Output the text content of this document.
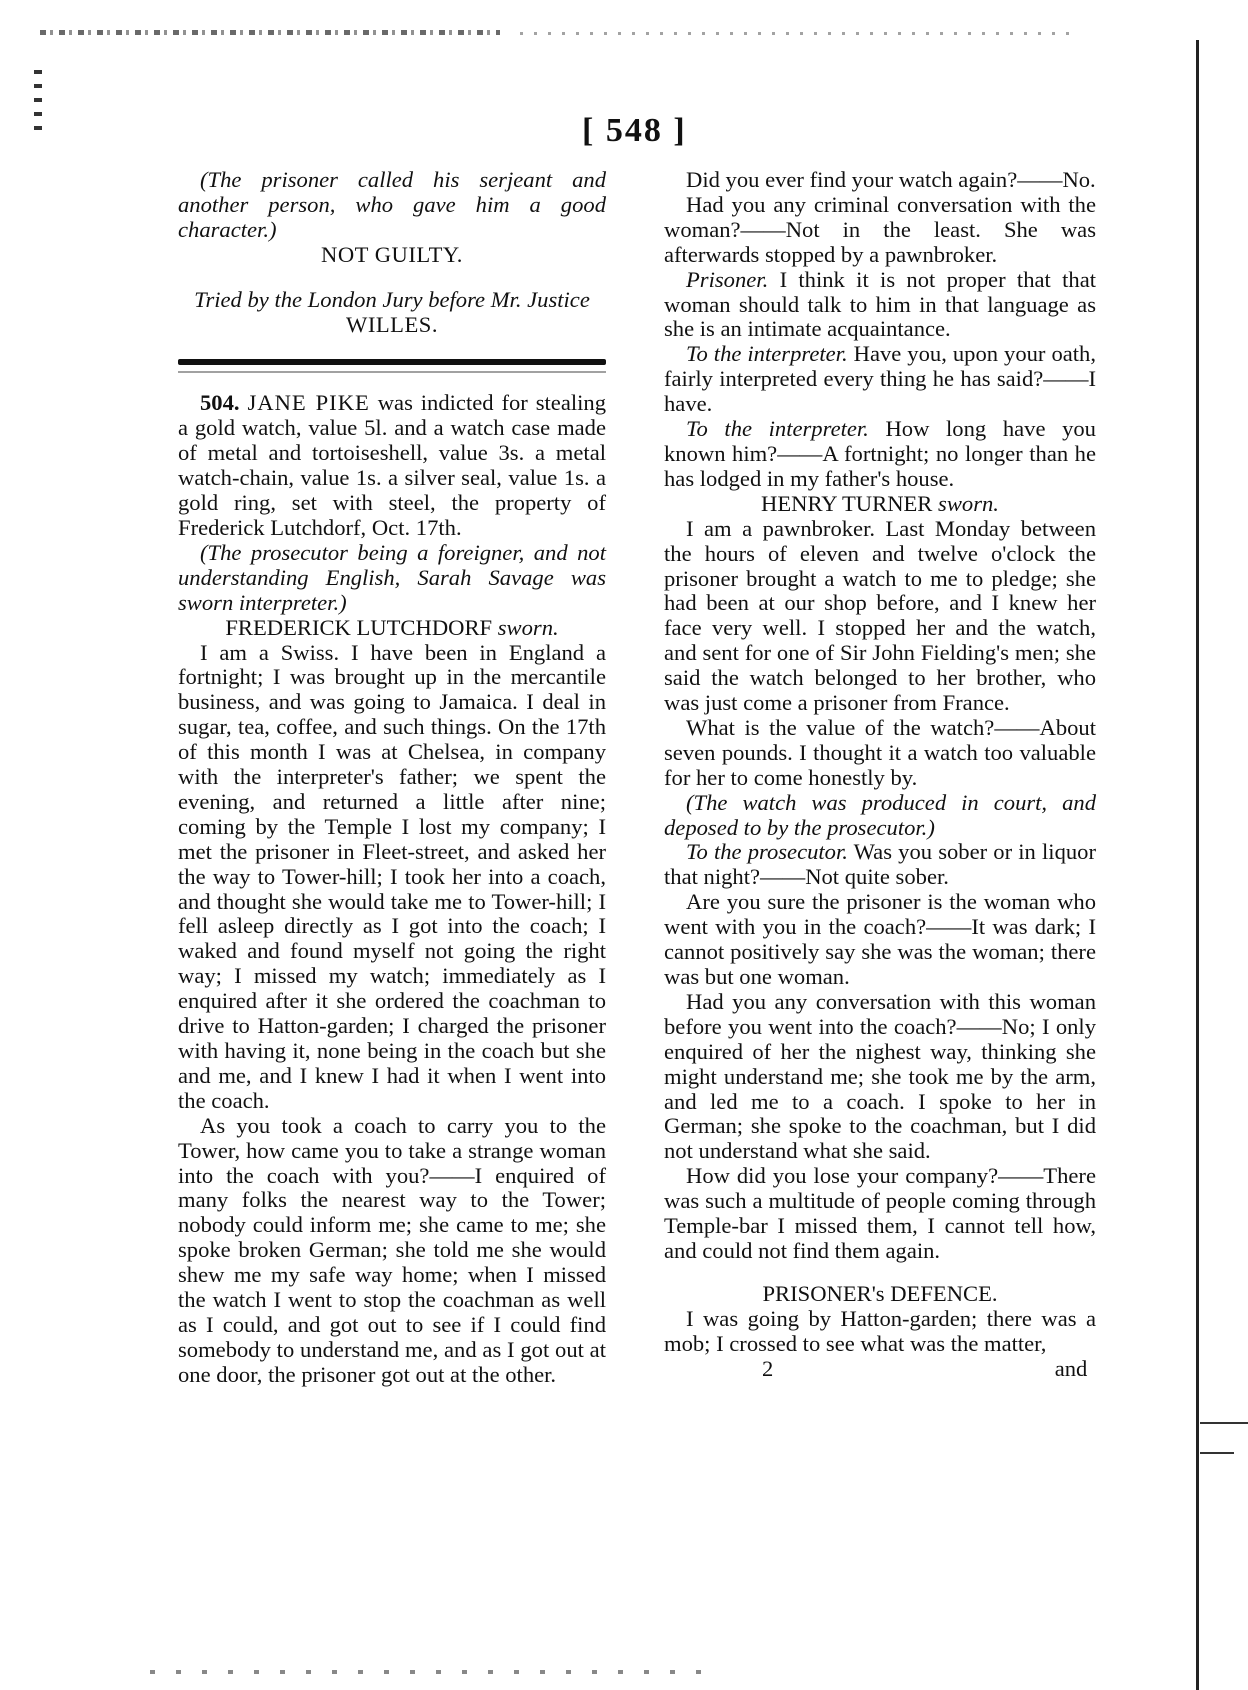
[ 548 ]

(The prisoner called his serjeant and another person, who gave him a good character.)

NOT GUILTY.

Tried by the London Jury before Mr. Justice

WILLES.

504. JANE PIKE was indicted for stealing a gold watch, value 5l. and a watch case made of metal and tortoiseshell, value 3s. a metal watch-chain, value 1s. a silver seal, value 1s. a gold ring, set with steel, the property of Frederick Lutchdorf, Oct. 17th.

(The prosecutor being a foreigner, and not understanding English, Sarah Savage was sworn interpreter.)

FREDERICK LUTCHDORF sworn.

I am a Swiss. I have been in England a fortnight; I was brought up in the mercantile business, and was going to Jamaica. I deal in sugar, tea, coffee, and such things. On the 17th of this month I was at Chelsea, in company with the interpreter's father; we spent the evening, and returned a little after nine; coming by the Temple I lost my company; I met the prisoner in Fleet-street, and asked her the way to Tower-hill; I took her into a coach, and thought she would take me to Tower-hill; I fell asleep directly as I got into the coach; I waked and found myself not going the right way; I missed my watch; immediately as I enquired after it she ordered the coachman to drive to Hatton-garden; I charged the prisoner with having it, none being in the coach but she and me, and I knew I had it when I went into the coach.

As you took a coach to carry you to the Tower, how came you to take a strange woman into the coach with you?——I enquired of many folks the nearest way to the Tower; nobody could inform me; she came to me; she spoke broken German; she told me she would shew me my safe way home; when I missed the watch I went to stop the coachman as well as I could, and got out to see if I could find somebody to understand me, and as I got out at one door, the prisoner got out at the other.

Did you ever find your watch again?——No.

Had you any criminal conversation with the woman?——Not in the least. She was afterwards stopped by a pawnbroker.

Prisoner. I think it is not proper that that woman should talk to him in that language as she is an intimate acquaintance.

To the interpreter. Have you, upon your oath, fairly interpreted every thing he has said?——I have.

To the interpreter. How long have you known him?——A fortnight; no longer than he has lodged in my father's house.

HENRY TURNER sworn.

I am a pawnbroker. Last Monday between the hours of eleven and twelve o'clock the prisoner brought a watch to me to pledge; she had been at our shop before, and I knew her face very well. I stopped her and the watch, and sent for one of Sir John Fielding's men; she said the watch belonged to her brother, who was just come a prisoner from France.

What is the value of the watch?——About seven pounds. I thought it a watch too valuable for her to come honestly by.

(The watch was produced in court, and deposed to by the prosecutor.)

To the prosecutor. Was you sober or in liquor that night?——Not quite sober.

Are you sure the prisoner is the woman who went with you in the coach?——It was dark; I cannot positively say she was the woman; there was but one woman.

Had you any conversation with this woman before you went into the coach?——No; I only enquired of her the nighest way, thinking she might understand me; she took me by the arm, and led me to a coach. I spoke to her in German; she spoke to the coachman, but I did not understand what she said.

How did you lose your company?——There was such a multitude of people coming through Temple-bar I missed them, I cannot tell how, and could not find them again.

PRISONER's DEFENCE.

I was going by Hatton-garden; there was a mob; I crossed to see what was the matter,

2	and
